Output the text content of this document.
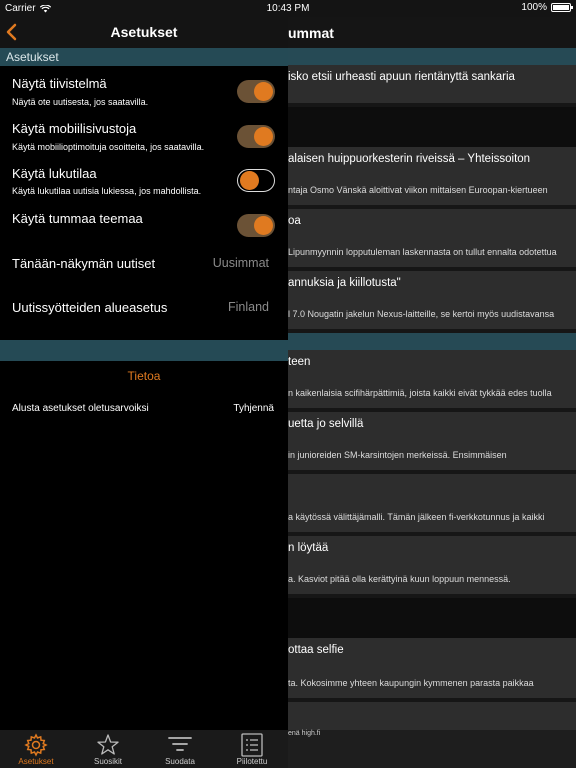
Carrier	10:43 PM	100%
ummat
isko etsii urheasti apuun rientänyttä sankaria
alaisen huippuorkesterin riveissä – Yhteissoiton
ntaja Osmo Vänskä aloittivat viikon mittaisen Euroopan-kiertueen
oa
Lipunmyynnin lopputuleman laskennasta on tullut ennalta odotettua
annuksia ja kiillotusta"
l 7.0 Nougatin jakelun Nexus-laitteille, se kertoi myös uudistavansa
teen
n kaikenlaisia scifihärpättimiä, joista kaikki eivät tykkää edes tuolla
uetta jo selvillä
in junioreiden SM-karsintojen merkeissä. Ensimmäisen
a käytössä välittäjämalli. Tämän jälkeen fi-verkkotunnus ja kaikki
n löytää
a. Kasviot pitää olla kerättyinä kuun loppuun mennessä.
ottaa selfie
ta. Kokosimme yhteen kaupungin kymmenen parasta paikkaa
enä high.fi
Asetukset
Asetukset
Näytä tiivistelmä
Näytä ote uutisesta, jos saatavilla.
Käytä mobiilisivustoja
Käytä mobiilioptimoituja osoitteita, jos saatavilla.
Käytä lukutilaa
Käytä lukutilaa uutisia lukiessa, jos mahdollista.
Käytä tummaa teemaa
Tänään-näkymän uutiset	Uusimmat
Uutissyötteiden alueasetus	Finland
Tietoa
Alusta asetukset oletusarvoiksi	Tyhjennä
Asetukset	Suosikit	Suodata	Piilotettu
